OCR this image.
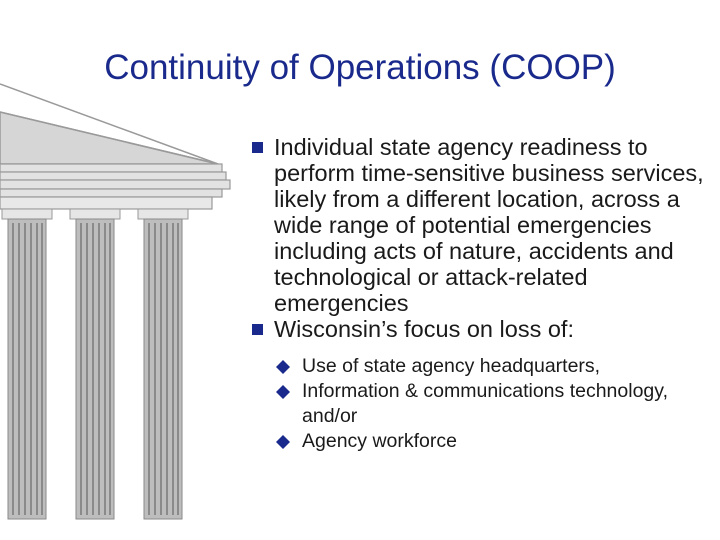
Continuity of Operations (COOP)
Individual state agency readiness to perform time-sensitive business services, likely from a different location, across a wide range of potential emergencies including acts of nature, accidents and technological or attack-related emergencies
Wisconsin’s focus on loss of:
Use of state agency headquarters,
Information & communications technology, and/or
Agency workforce
